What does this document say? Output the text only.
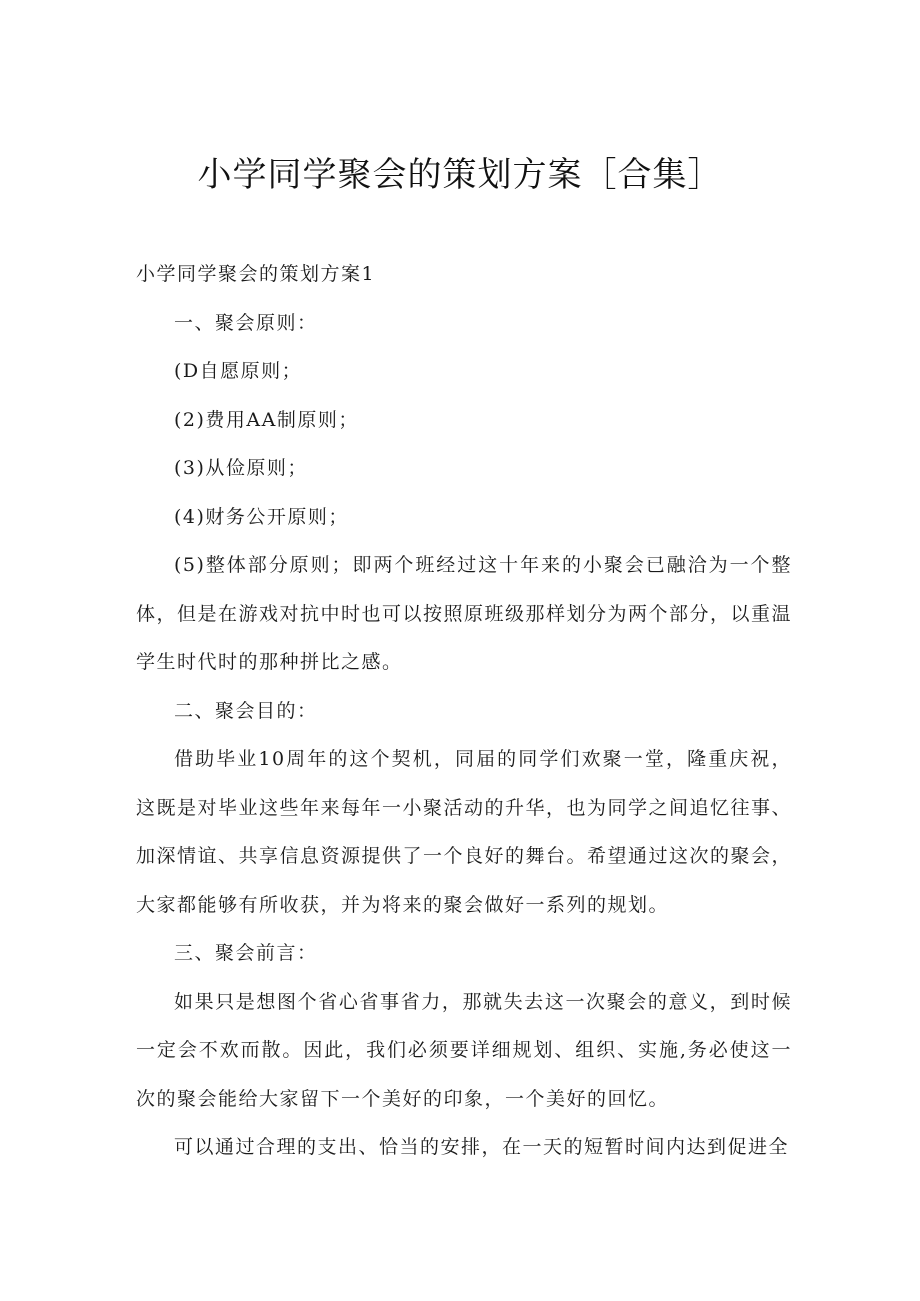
小学同学聚会的策划方案［合集］

小学同学聚会的策划方案1

一、聚会原则：

(D自愿原则；

(2)费用AA制原则；

(3)从俭原则；

(4)财务公开原则；

(5)整体部分原则；即两个班经过这十年来的小聚会已融洽为一个整体，但是在游戏对抗中时也可以按照原班级那样划分为两个部分，以重温学生时代时的那种拼比之感。

二、聚会目的：

借助毕业10周年的这个契机，同届的同学们欢聚一堂，隆重庆祝，这既是对毕业这些年来每年一小聚活动的升华，也为同学之间追忆往事、加深情谊、共享信息资源提供了一个良好的舞台。希望通过这次的聚会，大家都能够有所收获，并为将来的聚会做好一系列的规划。

三、聚会前言：

如果只是想图个省心省事省力，那就失去这一次聚会的意义，到时候一定会不欢而散。因此，我们必须要详细规划、组织、实施,务必使这一次的聚会能给大家留下一个美好的印象，一个美好的回忆。

可以通过合理的支出、恰当的安排，在一天的短暂时间内达到促进全
